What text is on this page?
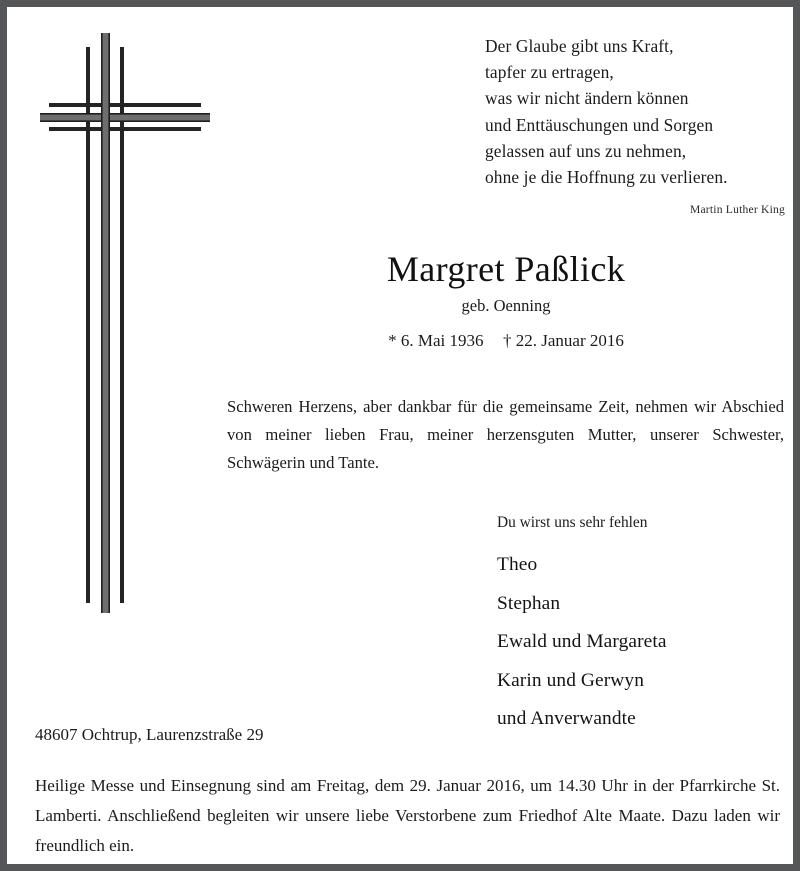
Der Glaube gibt uns Kraft,
tapfer zu ertragen,
was wir nicht ändern können
und Enttäuschungen und Sorgen
gelassen auf uns zu nehmen,
ohne je die Hoffnung zu verlieren.
Martin Luther King
Margret Paßlick
geb. Oenning
* 6. Mai 1936 † 22. Januar 2016

Schweren Herzens, aber dankbar für die gemeinsame Zeit, nehmen wir Abschied von meiner lieben Frau, meiner herzensguten Mutter, unserer Schwester, Schwägerin und Tante.

Du wirst uns sehr fehlen
Theo
Stephan
Ewald und Margareta
Karin und Gerwyn
und Anverwandte
48607 Ochtrup, Laurenzstraße 29

Heilige Messe und Einsegnung sind am Freitag, dem 29. Januar 2016, um 14.30 Uhr in der Pfarrkirche St. Lamberti. Anschließend begleiten wir unsere liebe Verstorbene zum Friedhof Alte Maate. Dazu laden wir freundlich ein.
